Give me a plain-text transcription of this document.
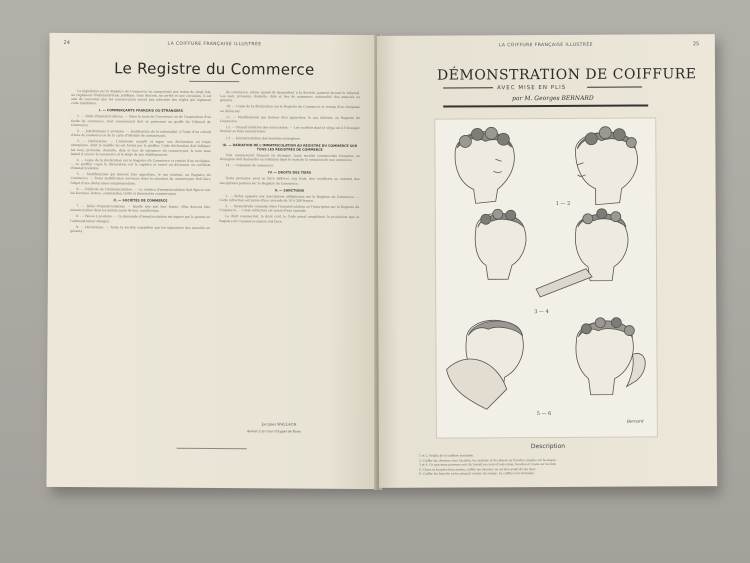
24	LA COIFFURE FRANÇAISE ILLUSTRÉE
Le Registre du Commerce

La législation sur le Registre du Commerce ne comportant pas moins de vingt lois, un règlement d'administration publique, trois décrets, un arrêté et une circulaire, il est aisé de concevoir que les commerçants soient peu informés des règles qui régissent cette institution.

I. — COMMERÇANTS FRANÇAIS OU ÉTRANGERS

1. — Délai d'immatriculation. — Dans le mois de l'ouverture ou de l'acquisition d'un fonds de commerce, tout commerçant doit se présenter au greffe du Tribunal de Commerce.

2. — Justifications à produire. — Justification de la nationalité, à l'aide d'un extrait d'acte de naissance ou de la carte d'identité de commerçant.

3. — Déclaration. — L'intéressé remplit et signe une déclaration en triple exemplaire, dont le modèle lui est fourni par le greffier. Cette déclaration doit indiquer les nom, prénoms, domicile, date et lieu de naissance du commerçant, le nom sous lequel il exerce le commerce et le siège de son établissement.

4. — Copie de la déclaration sur le Registre du Commerce et remise d'un récépissé. — Le greffier copie la déclaration sur le registre et remet au déclarant un certificat d'immatriculation.

5. — Modifications qui doivent être apportées, le cas échéant, au Registre du Commerce. — Toute modification survenue dans la situation du commerçant doit faire l'objet d'une déclaration complémentaire.

6. — Publicité de l'immatriculation. — Le numéro d'immatriculation doit figurer sur les factures, lettres, commandes, tarifs et documents commerciaux.

II. — SOCIÉTÉS DE COMMERCE

7. — Délai d'immatriculation. — Quelle que soit leur forme, elles doivent être immatriculées dans les quinze jours de leur constitution.

8. — Pièces à produire. — La demande d'immatriculation est signée par le gérant ou l'administrateur délégué.

9. — Déclaration. — Toute la société complétée par les signatures des associés ou gérants.

de commerce, même quand ils demandent à la Société, passent devant le tribunal. Les nom, prénoms, domicile, date et lieu de naissance, nationalité des associés ou gérants.

10. — Copie de la déclaration sur le Registre du Commerce et remise d'un récépissé au déclarant.

11. — Modifications qui doivent être apportées, le cas échéant, au Registre du Commerce.

12. — Immatriculation des succursales. — Les sociétés dont le siège est à l'étranger doivent se faire immatriculer.

13. — Immatriculation des Sociétés étrangères.

III. — RADIATION DE L'IMMATRICULATION AU REGISTRE DU COMMERCE SUR TOUS LES REGISTRES DE COMMERCE

Tout commerçant français ou étranger, toute société commerciale française ou étrangère doit demander sa radiation dans le mois de la cessation de son commerce.

14. — Cessation de commerce.

IV. — DROITS DES TIERS

Toute personne peut se faire délivrer, aux frais, des certificats ou extraits des inscriptions portées sur le Registre du Commerce.

V. — SANCTIONS

1. — Refus opposés aux inscriptions obligatoires sur le Registre du Commerce. — Cette infraction est punie d'une amende de 16 à 200 francs.

2. — Inexactitude commise dans l'immatriculation ou l'inscription sur le Registre du Commerce. — Cette infraction est punie d'une amende.

Le droit commercial, le droit civil, le Code pénal complètent la protection que le Registre du Commerce assure aux tiers.

Jacques WALLACH
Avocat à la Cour d'Appel de Paris
LA COIFFURE FRANÇAISE ILLUSTRÉE	25
DÉMONSTRATION DE COIFFURE
AVEC MISE EN PLIS
par M. Georges BERNARD
1 — 2
3 — 4
5 — 6
Bernard
Description
1 et 2. Profils de la coiffure terminée.
2. Coiffer les cheveux vers l'arrière, les onduler et les placer en boucles souples sur la nuque.
3 et 4. Ce que nous pouvons voir du travail en cours d'exécution, boucles et crans sur le côté.
5. Crans et boucles bien serrés, coiffer les cheveux en arrière avant de les fixer.
6. Coiffer les boucles en les plaçant autour du visage. La coiffure est terminée.
